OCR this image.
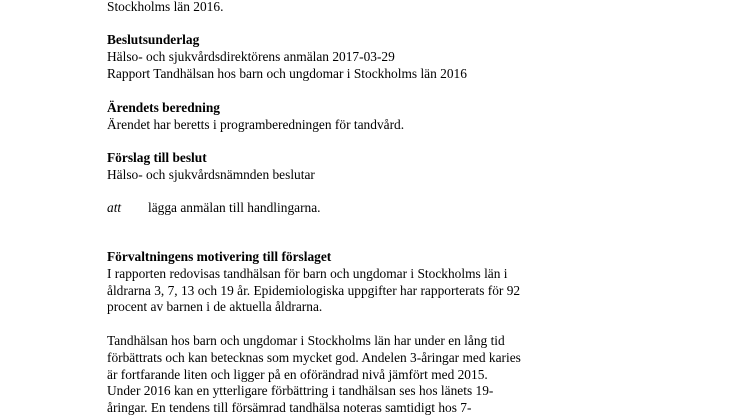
Stockholms län 2016.
Beslutsunderlag
Hälso- och sjukvårdsdirektörens anmälan 2017-03-29
Rapport Tandhälsan hos barn och ungdomar i Stockholms län 2016
Ärendets beredning
Ärendet har beretts i programberedningen för tandvård.
Förslag till beslut
Hälso- och sjukvårdsnämnden beslutar
att	lägga anmälan till handlingarna.
Förvaltningens motivering till förslaget
I rapporten redovisas tandhälsan för barn och ungdomar i Stockholms län i
åldrarna 3, 7, 13 och 19 år. Epidemiologiska uppgifter har rapporterats för 92
procent av barnen i de aktuella åldrarna.
Tandhälsan hos barn och ungdomar i Stockholms län har under en lång tid
förbättrats och kan betecknas som mycket god. Andelen 3-åringar med karies
är fortfarande liten och ligger på en oförändrad nivå jämfört med 2015.
Under 2016 kan en ytterligare förbättring i tandhälsan ses hos länets 19-
åringar. En tendens till försämrad tandhälsa noteras samtidigt hos 7-
